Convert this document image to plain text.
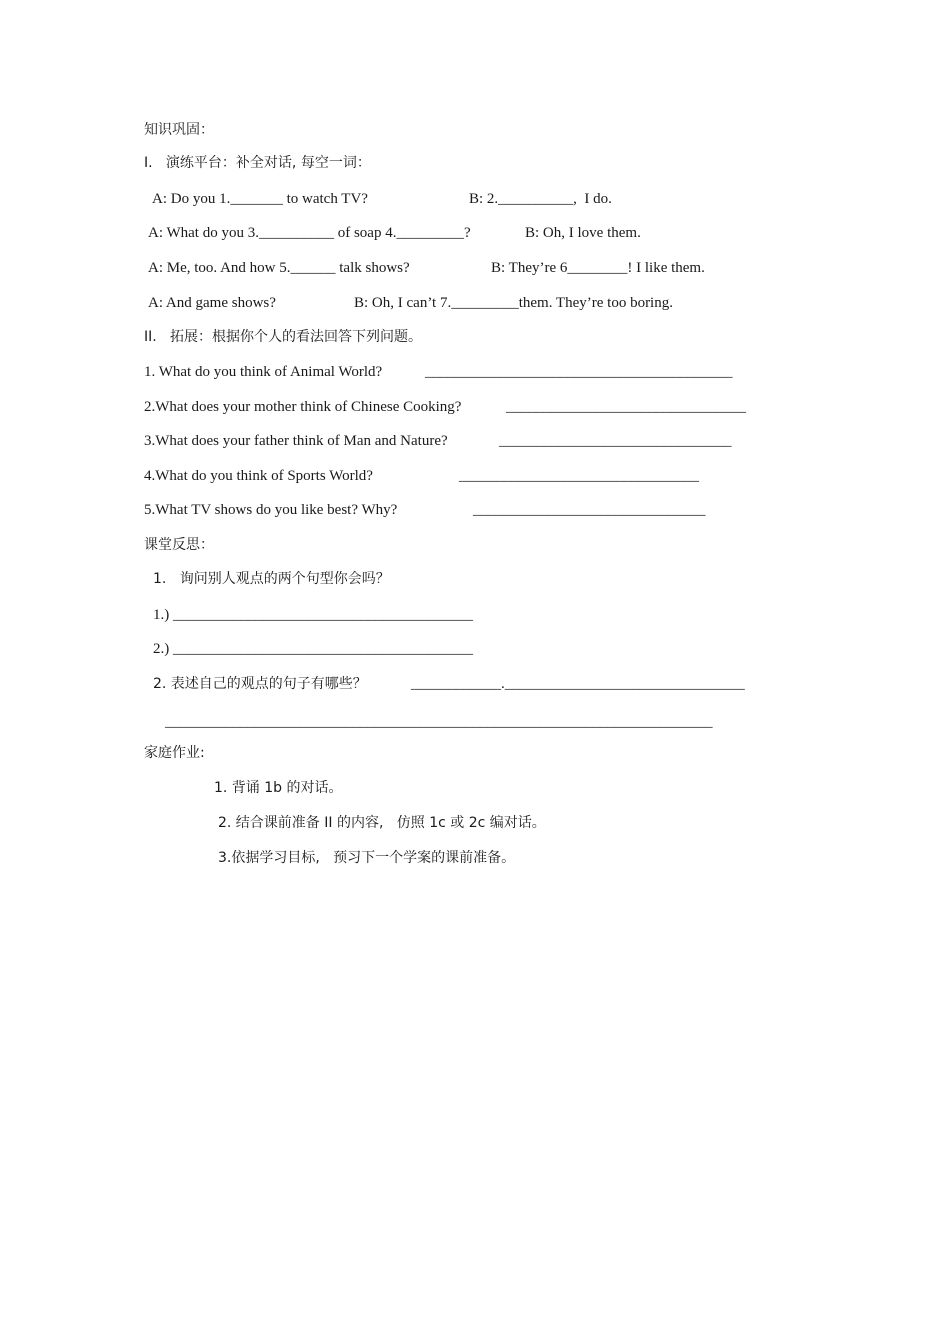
知识巩固：
I.   演练平台：补全对话, 每空一词：
A: Do you 1._______ to watch TV?	B: 2.__________,  I do.
A: What do you 3.__________ of soap 4._________?	B: Oh, I love them.
A: Me, too. And how 5.______ talk shows?	B: They’re 6________! I like them.
A: And game shows?	B: Oh, I can’t 7._________them. They’re too boring.
II.   拓展：根据你个人的看法回答下列问题。
1. What do you think of Animal World?	_________________________________________
2.What does your mother think of Chinese Cooking?	________________________________
3.What does your father think of Man and Nature?	_______________________________
4.What do you think of Sports World?	________________________________
5.What TV shows do you like best? Why?	_______________________________
课堂反思：
1.   询问别人观点的两个句型你会吗？
1.) ________________________________________
2.) ________________________________________
2. 表述自己的观点的句子有哪些？	____________.________________________________
_________________________________________________________________________
家庭作业:
1. 背诵 1b 的对话。
2. 结合课前准备 II 的内容,   仿照 1c 或 2c 编对话。
3.依据学习目标,   预习下一个学案的课前准备。
